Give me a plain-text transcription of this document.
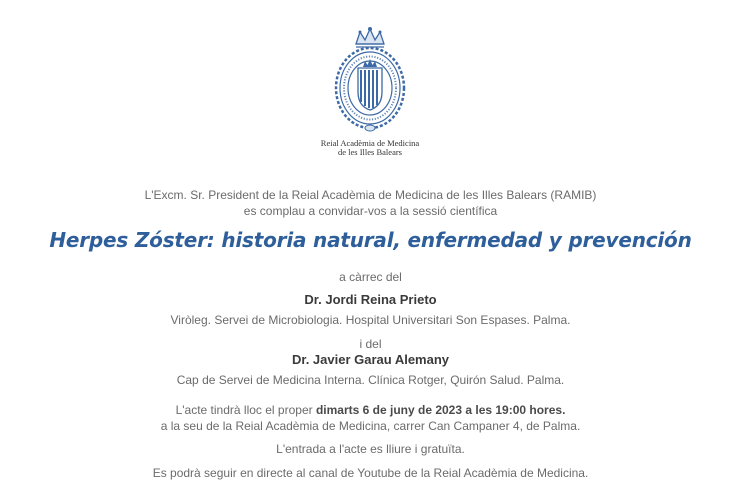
Reial Acadèmia de Medicina
de les Illes Balears
L'Excm. Sr. President de la Reial Acadèmia de Medicina de les Illes Balears (RAMIB)
es complau a convidar-vos a la sessió científica
Herpes Zóster: historia natural, enfermedad y prevención
a càrrec del
Dr. Jordi Reina Prieto
Viròleg. Servei de Microbiologia. Hospital Universitari Son Espases. Palma.
i del
Dr. Javier Garau Alemany
Cap de Servei de Medicina Interna. Clínica Rotger, Quirón Salud. Palma.
L'acte tindrà lloc el proper dimarts 6 de juny de 2023 a les 19:00 hores.
a la seu de la Reial Acadèmia de Medicina, carrer Can Campaner 4, de Palma.
L'entrada a l'acte es lliure i gratuïta.
Es podrà seguir en directe al canal de Youtube de la Reial Acadèmia de Medicina.
